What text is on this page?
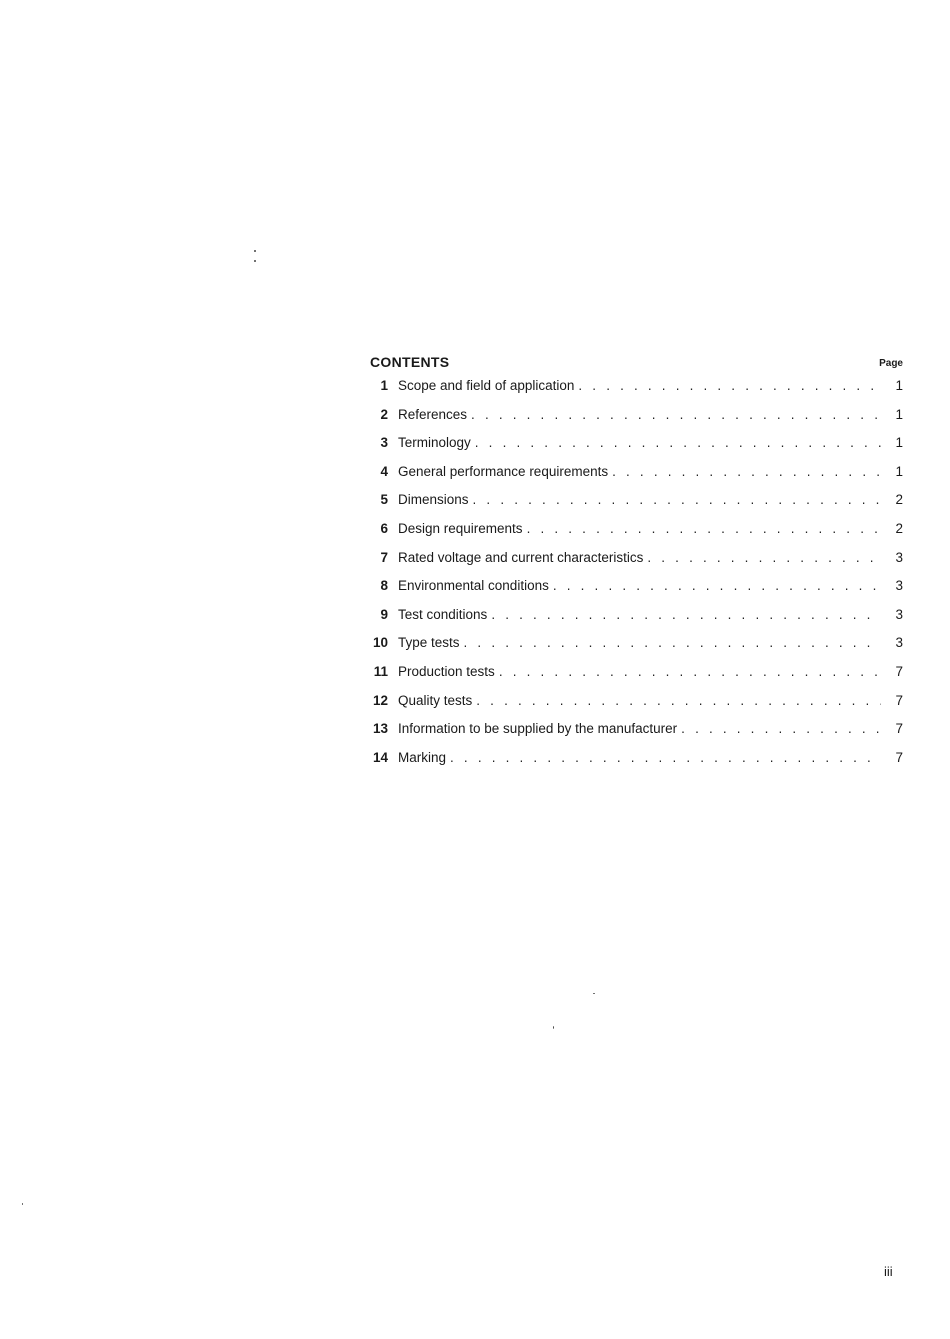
CONTENTS	Page
1 Scope and field of application . . .	1
2 References . . .	1
3 Terminology . . .	1
4 General performance requirements . . .	1
5 Dimensions . . .	2
6 Design requirements . . .	2
7 Rated voltage and current characteristics . . .	3
8 Environmental conditions . . .	3
9 Test conditions . . .	3
10 Type tests . . .	3
11 Production tests . . .	7
12 Quality tests . . .	7
13 Information to be supplied by the manufacturer . . .	7
14 Marking . . .	7
iii
